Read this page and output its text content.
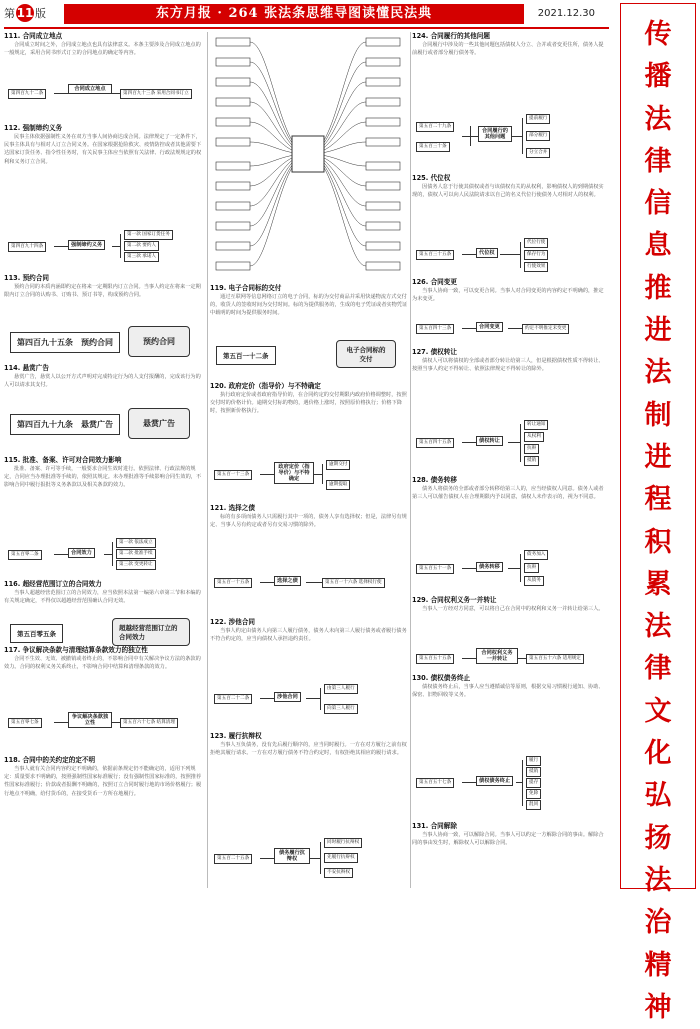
第 11 版	东方月报 · 264 张法条思维导图读懂民法典	2021.12.30
111. 合同成立地点

合同成立时间之外，合同成立地点也具有法律意义。本条主要涉及合同成立地点的一般规定，采用合同书形式订立的合同地点的确定等内容。

第四百九十二条
合同成立地点
第四百九十三条 采用合同书订立
112. 强制缔约义务

民事主体依据强制性义务在双方当事人间协商达成合同。法律规定了一定条件下，民事主体具有与相对人订立合同义务。在国家根据抢险救灾、疫情防控或者其他需要下达国家订货任务、指令性任务时，有关民事主体应当依照有关法律、行政法规规定的权利和义务订立合同。

第四百九十四条	强制缔约义务
第一款 国家订货任务
第二款 要约人
第三款 承诺人
113. 预约合同

预约合同的本质内涵即约定在将来一定期限内订立合同。当事人约定在将来一定期限内订立合同的认购书、订购书、预订书等，构成预约合同。

第四百九十五条　预约合同	预约合同
114. 悬赏广告

悬赏广告，悬赏人以公开方式声明对完成特定行为的人支付报酬的，完成该行为的人可以请求其支付。

第四百九十九条　悬赏广告	悬赏广告
115. 批准、备案、许可对合同效力影响

批准、备案、许可等手续，一般要求合同生效时进行。依照法律、行政法规的规定，合同应当办理批准等手续的，依照其规定。未办理批准等手续影响合同生效的，不影响合同中履行报批等义务条款以及相关条款的效力。

第五百零二条	合同效力
第一款 依法成立
第二款 批准手续
第三款 变更转让
116. 超经营范围订立的合同效力

当事人超越经营范围订立的合同效力，应当依照本法第一编第六章第三节和本编的有关规定确定，不得仅以超越经营范围确认合同无效。

第五百零五条
超越经营范围订立的合同效力
117. 争议解决条款与清理结算条款效力的独立性

合同不生效、无效、被撤销或者终止的，不影响合同中有关解决争议方法的条款的效力。合同的权利义务关系终止，不影响合同中结算和清理条款的效力。

第五百零七条
争议解决条款独立性	第五百六十七条 结算清理
118. 合同中的关约定的定不明

当事人就有关合同内容约定不明确的，依据前条规定仍不能确定的，适用下列规定：质量要求不明确的，按照强制性国家标准履行；没有强制性国家标准的，按照推荐性国家标准履行；价款或者报酬不明确的，按照订立合同时履行地的市场价格履行；履行地点不明确，给付货币的，在接受货币一方所在地履行。

119. 电子合同标的交付

通过互联网等信息网络订立的电子合同，标的为交付商品并采用快递物流方式交付的，收货人的签收时间为交付时间。标的为提供服务的，生成的电子凭证或者实物凭证中载明的时间为提供服务时间。

第五百一十二条
电子合同标的交付
120. 政府定价（指导价）与不特确定

执行政府定价或者政府指导价的，在合同约定的交付期限内政府价格调整时，按照交付时的价格计价。逾期交付标的物的，遇价格上涨时，按照原价格执行；价格下降时，按照新价格执行。

第五百一十三条
政府定价（指导价）与不特确定
逾期交付
逾期提取
121. 选择之债

标的有多项而债务人只需履行其中一项的，债务人享有选择权；但是，法律另有规定、当事人另有约定或者另有交易习惯的除外。

第五百一十五条	选择之债	第五百一十六条 选择权行使
122. 涉他合同

当事人约定由债务人向第三人履行债务，债务人未向第三人履行债务或者履行债务不符合约定的，应当向债权人承担违约责任。

第五百二十二条	涉他合同
由第三人履行
向第三人履行
123. 履行抗辩权

当事人互负债务，没有先后履行顺序的，应当同时履行。一方在对方履行之前有权拒绝其履行请求。一方在对方履行债务不符合约定时，有权拒绝其相应的履行请求。

第五百二十五条
债务履行抗辩权
同时履行抗辩权
先履行抗辩权
不安抗辩权
124. 合同履行的其他问题

合同履行中涉及的一些其他问题包括债权人分立、合并或者变更住所，债务人提前履行或者部分履行债务等。

第五百二十九条
第五百三十条
合同履行的其他问题
提前履行
部分履行
分立合并
125. 代位权

因债务人怠于行使其债权或者与该债权有关的从权利，影响债权人的到期债权实现的，债权人可以向人民法院请求以自己的名义代位行使债务人对相对人的权利。

第五百三十五条	代位权
代位行使
保存行为
行使效果
126. 合同变更

当事人协商一致，可以变更合同。当事人对合同变更的内容约定不明确的，推定为未变更。

第五百四十三条	合同变更	约定不明推定未变更
127. 债权转让

债权人可以将债权的全部或者部分转让给第三人，但是根据债权性质不得转让、按照当事人约定不得转让、依照法律规定不得转让的除外。

第五百四十五条	债权转让
转让通知
从权利
抗辩
抵销
128. 债务转移

债务人将债务的全部或者部分转移给第三人的，应当经债权人同意。债务人或者第三人可以催告债权人在合理期限内予以同意，债权人未作表示的，视为不同意。

第五百五十一条	债务转移
债务加入
抗辩
从债务
129. 合同权利义务一并转让

当事人一方经对方同意，可以将自己在合同中的权利和义务一并转让给第三人。

第五百五十五条
合同权利义务一并转让	第五百五十六条 适用规定
130. 债权债务终止

债权债务终止后，当事人应当遵循诚信等原则，根据交易习惯履行通知、协助、保密、旧物回收等义务。

第五百五十七条	债权债务终止
履行
抵销
提存
免除
混同
131. 合同解除

当事人协商一致，可以解除合同。当事人可以约定一方解除合同的事由。解除合同的事由发生时，解除权人可以解除合同。

传
播
法
律
信
息
推
进
法
制
进
程
积
累
法
律
文
化
弘
扬
法
治
精
神
